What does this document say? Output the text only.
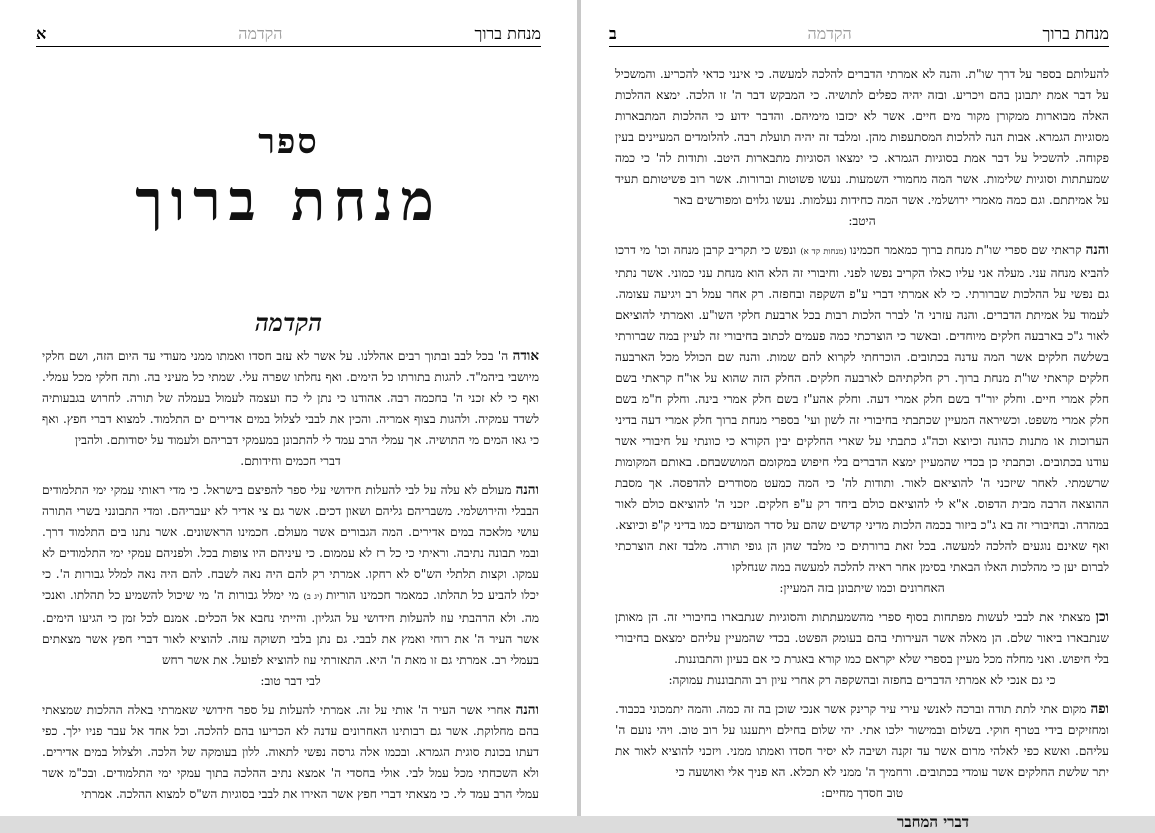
מנחת ברוך
הקדמה
א
ספר
מנחת ברוך
הקדמה

אודה ה' בכל לבב ובתוך רבים אהללנו. על אשר לא עזב חסדו ואמתו ממני מעודי עד היום הזה, ושם חלקי מיושבי ביהמ"ד. להגות בתורתו כל הימים. ואף נחלתו שפרה עלי. שמתי כל מעיני בה. ותה חלקי מכל עמלי. ואף כי לא זכני ה' בחכמה רבה. אהודנו כי נתן לי כח ועצמה לעמול בעמלה של תורה. לחרוש בגבעותיה לשדד עמקיה. ולהגות בצוף אמריה. והכין את לבבי לצלול במים אדירים ים התלמוד. למצוא דברי חפץ. ואף כי גאו המים מי התושיה. אך עמלי הרב עמד לי להתבונן במעמקי דבריהם ולעמוד על יסודותם. ולהבין
דברי חכמים וחידותם.

והנה מעולם לא עלה על לבי להעלות חידושי עלי ספר להפיצם בישראל. כי מדי ראותי עמקי ימי התלמודים הבבלי והירושלמי. משבריהם גליהם ושאון דכים. אשר גם צי אדיר לא יעבריהם. ומדי התבונני בשרי התורה עושי מלאכה במים אדירים. המה הגבורים אשר מעולם. חכמינו הראשונים. אשר נתנו בים התלמוד דרך. ובמי תבונה נתיבה. וראיתי כי כל רז לא עממום. כי עיניהם היו צופות בכל. ולפניהם עמקי ימי התלמודים לא עמקו. וקצות תלתלי הש"ס לא רחקו. אמרתי רק להם היה נאה לשבח. להם היה נאה למלל גבורות ה'. כי יכלו להביע כל תהלתו. כמאמר חכמינו הוריות (יג ב) מי ימלל גבורות ה' מי שיכול להשמיע כל תהלתו. ואנכי מה. ולא הרהבתי עוז להעלות חידושי על הגליון. והייתי נחבא אל הכלים. אמנם לכל זמן כי הגיעו הימים. אשר העיר ה' את רוחי ואמץ את לבבי. גם נתן בלבי תשוקה עזה. להוציא לאור דברי חפץ אשר מצאתים בעמלי רב. אמרתי גם זו מאת ה' היא. התאזרתי עוז להוציא לפועל. את אשר רחש
לבי דבר טוב:

והנה אחרי אשר העיר ה' אותי על זה. אמרתי להעלות על ספר חידושי שאמרתי באלה ההלכות שמצאתי בהם מחלוקת. אשר גם רבותינו האחרונים עדנה לא הכריעו בהם להלכה. וכל אחד אל עבר פניו ילך. כפי דעתו בכונת סוגית הגמרא. ובכמו אלה גרסה נפשי לתאוה. ללון בעומקה של הלכה. ולצלול במים אדירים. ולא השכחתי מכל עמל לבי. אולי בחסדי ה' אמצא נתיב ההלכה בתוך עמקי ימי התלמודים. ובכ"מ אשר עמלי הרב עמד לי. כי מצאתי דברי חפץ אשר האירו את לבבי בסוגיות הש"ס למצוא ההלכה. אמרתי

מנחת ברוך
הקדמה
ב

להעלותם בספר על דרך שו"ת. והנה לא אמרתי הדברים להלכה למעשה. כי אינני כדאי להכריע. והמשכיל על דבר אמת יתבונן בהם ויכריע. ובזה יהיה כפלים לתושיה. כי המבקש דבר ה' זו הלכה. ימצא ההלכות האלה מבוארות ממקורן מקור מים חיים. אשר לא יכזבו מימיהם. והדבר ידוע כי ההלכות המתבארות מסוגיות הגמרא. אבות הנה להלכות המסתעפות מהן. ומלבד זה יהיה תועלת רבה. להלומדים המעיינים בעין פקוחה. להשכיל על דבר אמת בסוגיות הגמרא. כי ימצאו הסוגיות מתבארות היטב. ותודות לה' כי כמה שמעתתות וסוגיות שלימות. אשר המה מחמורי השמעות. נעשו פשוטות וברורות. אשר רוב פשיטותם תעיד על אמיתתם. וגם כמה מאמרי ירושלמי. אשר המה כחידות נעלמות. נעשו גלוים ומפורשים באר
היטב:

והנה קראתי שם ספרי שו"ת מנחת ברוך כמאמר חכמינו (מנחות קד א) ונפש כי תקריב קרבן מנחה וכו' מי דרכו להביא מנחה עני. מעלה אני עליו כאלו הקריב נפשו לפני. וחיבורי זה הלא הוא מנחת עני כמוני. אשר נתתי גם נפשי על ההלכות שברורתי. כי לא אמרתי דברי ע"פ השקפה ובחפזה. רק אחר עמל רב ויגיעה עצומה. לעמוד על אמיתת הדברים. והנה עזרני ה' לברר הלכות רבות בכל ארבעת חלקי השו"ע. ואמרתי להוציאם לאור ג"כ בארבעה חלקים מיוחדים. ובאשר כי הוצרכתי כמה פעמים לכתוב בחיבורי זה לעיין במה שברורתי בשלשה חלקים אשר המה עדנה בכתובים. הוכרחתי לקרוא להם שמות. והנה שם הכולל מכל הארבעה חלקים קראתי שו"ת מנחת ברוך. רק חלקתיהם לארבעה חלקים. החלק הזה שהוא על או"ח קראתי בשם חלק אמרי חיים. וחלק יור"ד בשם חלק אמרי דעה. וחלק אהע"ז בשם חלק אמרי בינה. וחלק ח"מ בשם חלק אמרי משפט. וכשיראה המעיין שכתבתי בחיבורי זה לשון ועי' בספרי מנחת ברוך חלק אמרי דעה בדיני הערוכות או מתנות כהונה וכיוצא וכה"ג כתבתי על שארי החלקים יבין הקורא כי כוונתי על חיבורי אשר עודנו בכתובים. וכתבתי כן בכדי שהמעיין ימצא הדברים בלי חיפוש במקומם המוששבחם. באותם המקומות שרשמתי. לאחר שיזכני ה' להוציאם לאור. ותודות לה' כי המה כמעט מסודרים להדפסה. אך מסבת ההוצאה הרבה מבית הדפוס. א"א לי להוציאם כולם ביחד רק ע"פ חלקים. יזכני ה' להוציאם כולם לאור במהרה. ובחיבורי זה בא ג"כ ביזור בכמה הלכות מדיני קדשים שהם על סדר המועדים כמו בדיני ק"פ וכיוצא. ואף שאינם נוגעים להלכה למעשה. בכל זאת ברורתים כי מלבד שהן הן גופי תורה. מלבד זאת הוצרכתי לברום יען כי מהלכות האלו הבאתי בסימן אחר ראיה להלכה למעשה במה שנחלקו
האחרונים וכמו שיתבונן בזה המעיין:

וכן מצאתי את לבבי לעשות מפתחות בסוף ספרי מהשמעתתות והסוגיות שנתבארו בחיבורי זה. הן מאותן שנתבארו ביאור שלם. הן מאלה אשר העירותי בהם בעומק הפשט. בכדי שהמעיין עליהם ימצאם בחיבורי בלי חיפוש. ואני מחלה מכל מעיין בספרי שלא יקראם כמו קורא באגרת כי אם בעיון והתבוננות.
כי גם אנכי לא אמרתי הדברים בחפזה ובהשקפה רק אחרי עיון רב והתבוננות עמוקה:

ופה מקום אתי לתת תודה וברכה לאנשי עירי עיר קרינק אשר אנכי שוכן בה זה כמה. והמה יתמכוני בכבוד. ומחזיקים בידי בטרף חוקי. בשלום ובמישור ילכו אתי. יהי שלום בחילם ויתענגו על רוב טוב. ויהי נועם ה' עליהם. ואשא כפי לאלהי מרום אשר עד זקנה ושיבה לא יסיר חסדו ואמתו ממני. ויזכני להוציא לאור את יתר שלשת החלקים אשר עומדי בכתובים. ורחמיך ה' ממני לא תכלא. הא פניך אלי ואושעה כי
טוב חסדך מחיים:

דברי המחבר
